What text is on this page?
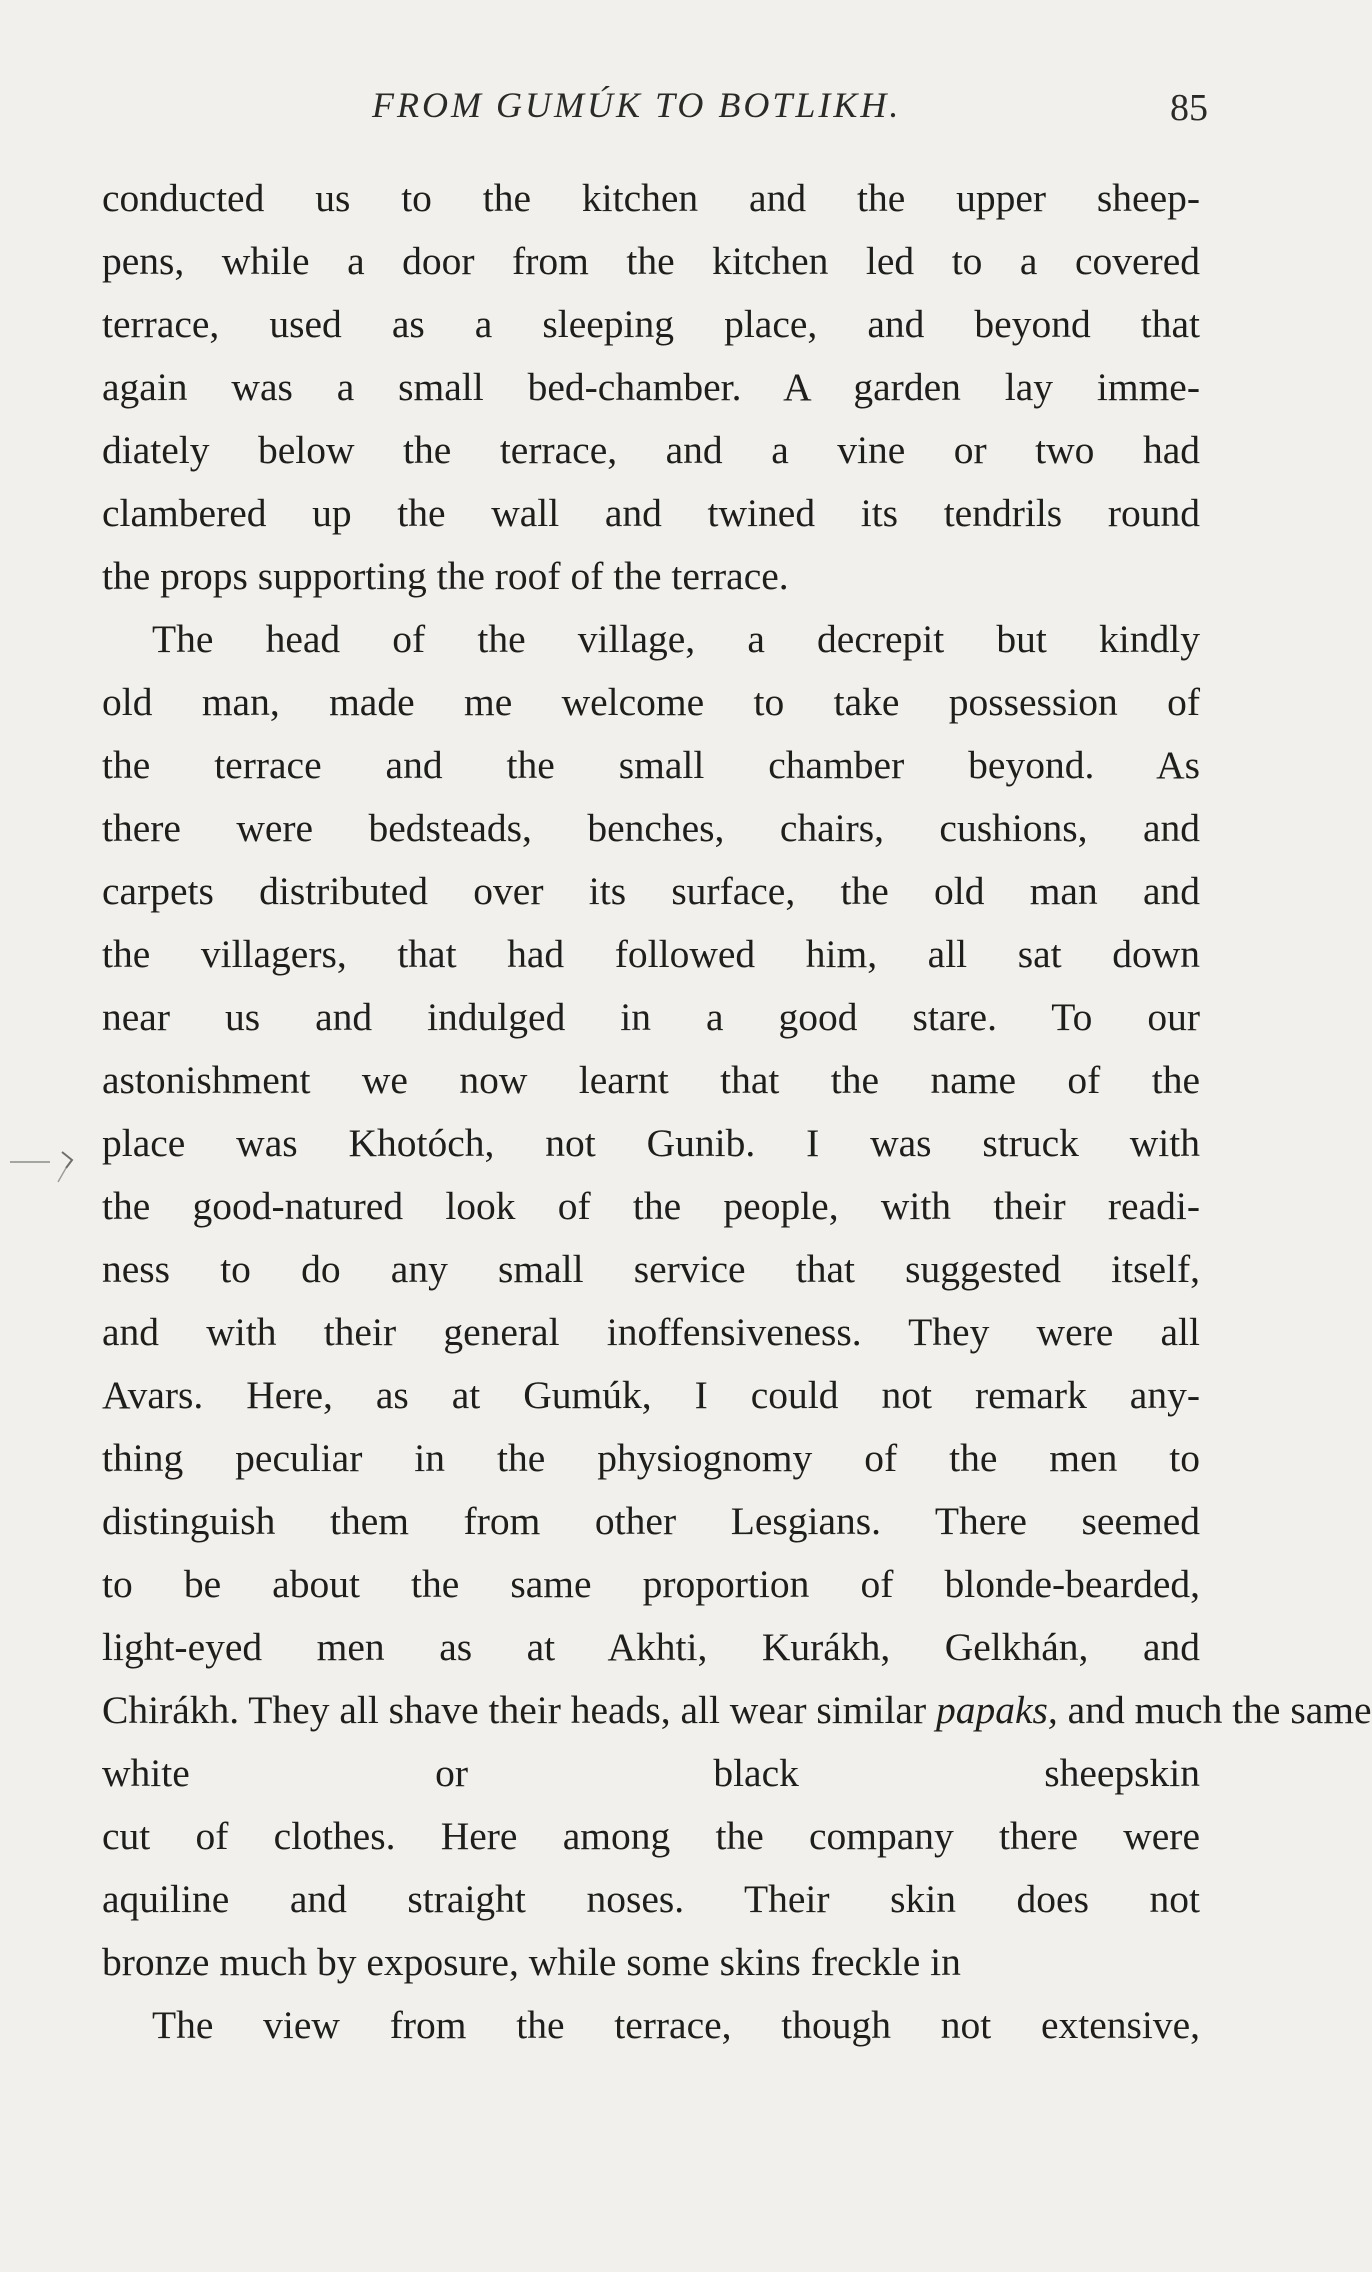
FROM GUMÚK TO BOTLIKH.	85
conducted us to the kitchen and the upper sheep-
pens, while a door from the kitchen led to a covered
terrace, used as a sleeping place, and beyond that
again was a small bed-chamber. A garden lay imme-
diately below the terrace, and a vine or two had
clambered up the wall and twined its tendrils round
the props supporting the roof of the terrace.
The head of the village, a decrepit but kindly
old man, made me welcome to take possession of
the terrace and the small chamber beyond. As
there were bedsteads, benches, chairs, cushions, and
carpets distributed over its surface, the old man and
the villagers, that had followed him, all sat down
near us and indulged in a good stare. To our
astonishment we now learnt that the name of the
place was Khotóch, not Gunib. I was struck with
the good-natured look of the people, with their readi-
ness to do any small service that suggested itself,
and with their general inoffensiveness. They were all
Avars. Here, as at Gumúk, I could not remark any-
thing peculiar in the physiognomy of the men to
distinguish them from other Lesgians. There seemed
to be about the same proportion of blonde-bearded,
light-eyed men as at Akhti, Kurákh, Gelkhán, and
Chirákh. They all shave their heads, all wear similar papaks, and much the same
white or black sheepskin
cut of clothes. Here among the company there were
aquiline and straight noses. Their skin does not
bronze much by exposure, while some skins freckle in
The view from the terrace, though not extensive,
